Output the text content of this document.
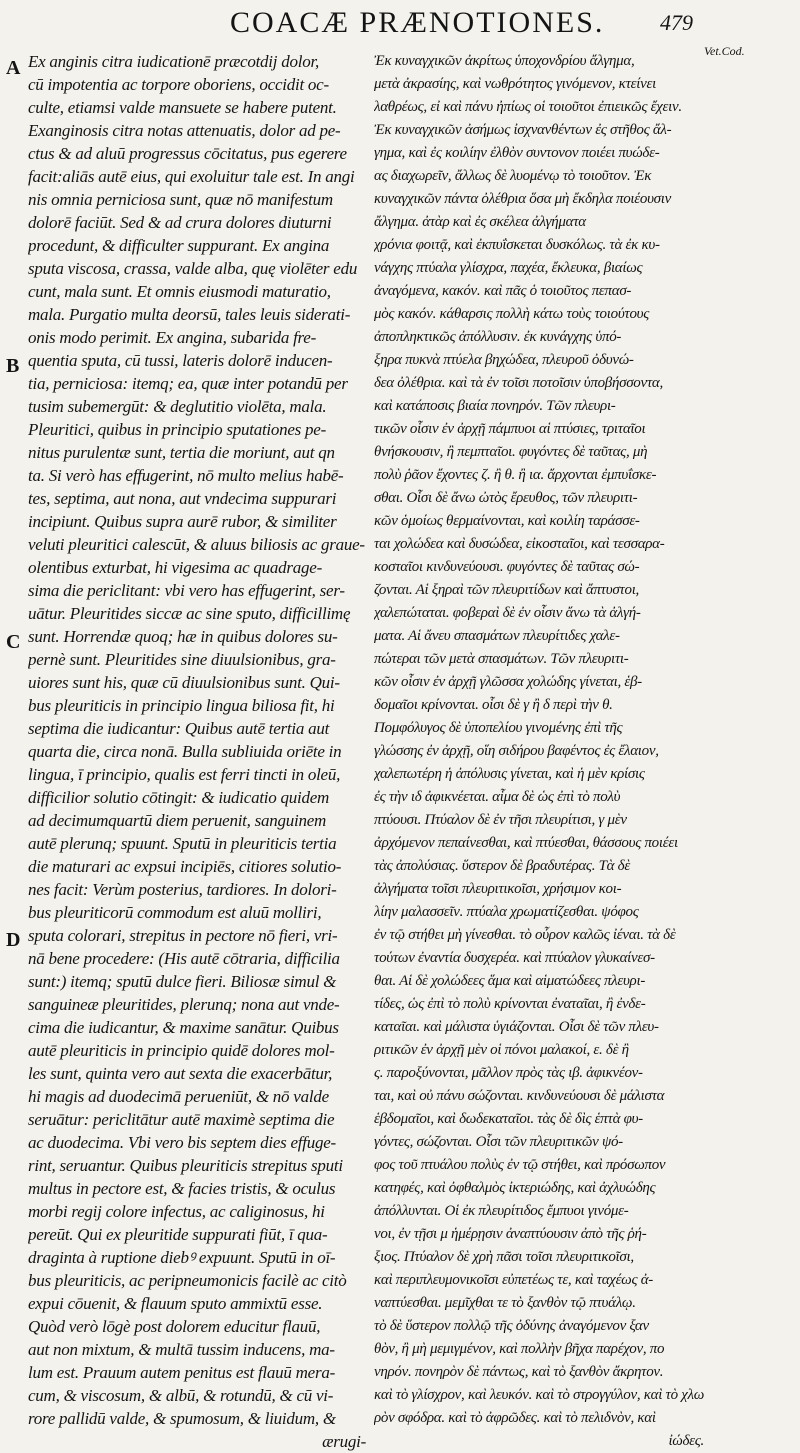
COACÆ PRÆNOTIONES.	479
Vet.Cod.
A
B
C
D
Ex anginis citra iudicationē præcotdij dolor,
cū impotentia ac torpore oboriens, occidit oc-
culte, etiamsi valde mansuete se habere putent.
Exanginosis citra notas attenuatis, dolor ad pe-
ctus & ad aluū progressus cōcitatus, pus egerere
facit:aliās autē eius, qui exoluitur tale est. In angi
nis omnia perniciosa sunt, quæ nō manifestum
dolorē faciūt. Sed & ad crura dolores diuturni
procedunt, & difficulter suppurant. Ex angina
sputa viscosa, crassa, valde alba, quę violēter edu
cunt, mala sunt. Et omnis eiusmodi maturatio,
mala. Purgatio multa deorsū, tales leuis siderati-
onis modo perimit. Ex angina, subarida fre-
quentia sputa, cū tussi, lateris dolorē inducen-
tia, perniciosa: itemq; ea, quæ inter potandū per
tusim subemergūt: & deglutitio violēta, mala.
Pleuritici, quibus in principio sputationes pe-
nitus purulentæ sunt, tertia die moriunt, aut qn
ta. Si verò has effugerint, nō multo melius habē-
tes, septima, aut nona, aut vndecima suppurari
incipiunt. Quibus supra aurē rubor, & similiter
veluti pleuritici calescūt, & aluus biliosis ac graue-
olentibus exturbat, hi vigesima ac quadrage-
sima die periclitant: vbi vero has effugerint, ser-
uātur. Pleuritides siccæ ac sine sputo, difficillimę
sunt. Horrendæ quoq; hæ in quibus dolores su-
pernè sunt. Pleuritides sine diuulsionibus, gra-
uiores sunt his, quæ cū diuulsionibus sunt. Qui-
bus pleuriticis in principio lingua biliosa fit, hi
septima die iudicantur: Quibus autē tertia aut
quarta die, circa nonā. Bulla subliuida oriēte in
lingua, ī principio, qualis est ferri tincti in oleū,
difficilior solutio cōtingit: & iudicatio quidem
ad decimumquartū diem peruenit, sanguinem
autē plerunq; spuunt. Sputū in pleuriticis tertia
die maturari ac expsui incipiēs, citiores solutio-
nes facit: Verùm posterius, tardiores. In dolori-
bus pleuriticorū commodum est aluū molliri,
sputa colorari, strepitus in pectore nō fieri, vri-
nā bene procedere: (His autē cōtraria, difficilia
sunt:) itemq; sputū dulce fieri. Biliosæ simul &
sanguineæ pleuritides, plerunq; nona aut vnde-
cima die iudicantur, & maxime sanātur. Quibus
autē pleuriticis in principio quidē dolores mol-
les sunt, quinta vero aut sexta die exacerbātur,
hi magis ad duodecimā perueniūt, & nō valde
seruātur: periclitātur autē maximè septima die
ac duodecima. Vbi vero bis septem dies effuge-
rint, seruantur. Quibus pleuriticis strepitus sputi
multus in pectore est, & facies tristis, & oculus
morbi regij colore infectus, ac caliginosus, hi
pereūt. Qui ex pleuritide suppurati fiūt, ī qua-
draginta à ruptione diebꝰ expuunt. Sputū in oī-
bus pleuriticis, ac peripneumonicis facilè ac citò
expui cōuenit, & flauum sputo ammixtū esse.
Quòd verò lōgè post dolorem educitur flauū,
aut non mixtum, & multā tussim inducens, ma-
lum est. Prauum autem penitus est flauū mera-
cum, & viscosum, & albū, & rotundū, & cū vi-
rore pallidū valde, & spumosum, & liuidum, &
ærugi-
Ἐκ κυναγχικῶν ἀκρίτως ὑποχονδρίου ἄλγημα,
μετὰ ἀκρασίης, καὶ νωθρότητος γινόμενον, κτείνει
λαθρέως, εἰ καὶ πάνυ ἠπίως οἱ τοιοῦτοι ἐπιεικῶς ἔχειν.
Ἐκ κυναγχικῶν ἀσήμως ἰσχνανθέντων ἐς στῆθος ἄλ-
γημα, καὶ ἐς κοιλίην ἐλθὸν συντονον ποιέει πυώδε-
ας διαχωρεῖν, ἄλλως δὲ λυομένῳ τὸ τοιοῦτον. Ἐκ
κυναγχικῶν πάντα ὀλέθρια ὅσα μὴ ἔκδηλα ποιέουσιν
ἄλγημα. ἀτὰρ καὶ ἐς σκέλεα ἀλγήματα
χρόνια φοιτᾷ, καὶ ἐκπυΐσκεται δυσκόλως. τὰ ἐκ κυ-
νάγχης πτύαλα γλίσχρα, παχέα, ἔκλευκα, βιαίως
ἀναγόμενα, κακόν. καὶ πᾶς ὁ τοιοῦτος πεπασ-
μὸς κακόν. κάθαρσις πολλὴ κάτω τοὺς τοιούτους
ἀποπληκτικῶς ἀπόλλυσιν. ἐκ κυνάγχης ὑπό-
ξηρα πυκνὰ πτύελα βηχώδεα, πλευροῦ ὀδυνώ-
δεα ὀλέθρια. καὶ τὰ ἐν τοῖσι ποτοῖσιν ὑποβήσσοντα,
καὶ κατάποσις βιαία πονηρόν. Τῶν πλευρι-
τικῶν οἷσιν ἐν ἀρχῇ πάμπυοι αἱ πτύσιες, τριταῖοι
θνήσκουσιν, ἢ πεμπταῖοι. φυγόντες δὲ ταῦτας, μὴ
πολὺ ῥᾶον ἔχοντες ζ. ἢ θ. ἢ ια. ἄρχονται ἐμπυΐσκε-
σθαι. Οἷσι δὲ ἄνω ὠτὸς ἔρευθος, τῶν πλευριτι-
κῶν ὁμοίως θερμαίνονται, καὶ κοιλίη ταράσσε-
ται χολώδεα καὶ δυσώδεα, εἰκοσταῖοι, καὶ τεσσαρα-
κοσταῖοι κινδυνεύουσι. φυγόντες δὲ ταῦτας σώ-
ζονται. Αἱ ξηραὶ τῶν πλευριτίδων καὶ ἄπτυστοι,
χαλεπώταται. φοβεραὶ δὲ ἐν οἷσιν ἄνω τὰ ἀλγή-
ματα. Αἱ ἄνευ σπασμάτων πλευρίτιδες χαλε-
πώτεραι τῶν μετὰ σπασμάτων. Τῶν πλευριτι-
κῶν οἷσιν ἐν ἀρχῇ γλῶσσα χολώδης γίνεται, ἑβ-
δομαῖοι κρίνονται. οἷσι δὲ γ ἢ δ περὶ τὴν θ.
Πομφόλυγος δὲ ὑποπελίου γινομένης ἐπὶ τῆς
γλώσσης ἐν ἀρχῇ, οἵη σιδήρου βαφέντος ἐς ἔλαιον,
χαλεπωτέρη ἡ ἀπόλυσις γίνεται, καὶ ἡ μὲν κρίσις
ἐς τὴν ιδ ἀφικνέεται. αἷμα δὲ ὡς ἐπὶ τὸ πολὺ
πτύουσι. Πτύαλον δὲ ἐν τῆσι πλευρίτισι, γ μὲν
ἀρχόμενον πεπαίνεσθαι, καὶ πτύεσθαι, θάσσους ποιέει
τὰς ἀπολύσιας. ὕστερον δὲ βραδυτέρας. Τὰ δὲ
ἀλγήματα τοῖσι πλευριτικοῖσι, χρήσιμον κοι-
λίην μαλασσεῖν. πτύαλα χρωματίζεσθαι. ψόφος
ἐν τῷ στήθει μὴ γίνεσθαι. τὸ οὖρον καλῶς ἰέναι. τὰ δὲ
τούτων ἐναντία δυσχερέα. καὶ πτύαλον γλυκαίνεσ-
θαι. Αἱ δὲ χολώδεες ἅμα καὶ αἱματώδεες πλευρι-
τίδες, ὡς ἐπὶ τὸ πολὺ κρίνονται ἐναταῖαι, ἢ ἐνδε-
καταῖαι. καὶ μάλιστα ὑγιάζονται. Οἷσι δὲ τῶν πλευ-
ριτικῶν ἐν ἀρχῇ μὲν οἱ πόνοι μαλακοί, ε. δὲ ἢ
ς. παροξύνονται, μᾶλλον πρὸς τὰς ιβ. ἀφικνέον-
ται, καὶ οὐ πάνυ σώζονται. κινδυνεύουσι δὲ μάλιστα
ἑβδομαῖοι, καὶ δωδεκαταῖοι. τὰς δὲ δὶς ἑπτὰ φυ-
γόντες, σώζονται. Οἷσι τῶν πλευριτικῶν ψό-
φος τοῦ πτυάλου πολὺς ἐν τῷ στήθει, καὶ πρόσωπον
κατηφές, καὶ ὀφθαλμὸς ἰκτεριώδης, καὶ ἀχλυώδης
ἀπόλλυνται. Οἱ ἐκ πλευρίτιδος ἔμπυοι γινόμε-
νοι, ἐν τῇσι μ ἡμέρῃσιν ἀναπτύουσιν ἀπὸ τῆς ῥή-
ξιος. Πτύαλον δὲ χρὴ πᾶσι τοῖσι πλευριτικοῖσι,
καὶ περιπλευμονικοῖσι εὐπετέως τε, καὶ ταχέως ἀ-
ναπτύεσθαι. μεμῖχθαι τε τὸ ξανθὸν τῷ πτυάλῳ.
τὸ δὲ ὕστερον πολλῷ τῆς ὀδύνης ἀναγόμενον ξαν
θὸν, ἢ μὴ μεμιγμένον, καὶ πολλὴν βῆχα παρέχον, πο
νηρόν. πονηρὸν δὲ πάντως, καὶ τὸ ξανθὸν ἄκρητον.
καὶ τὸ γλίσχρον, καὶ λευκόν. καὶ τὸ στρογγύλον, καὶ τὸ χλω
ρὸν σφόδρα. καὶ τὸ ἀφρῶδες. καὶ τὸ πελιδνὸν, καὶ
ἰώδες.
